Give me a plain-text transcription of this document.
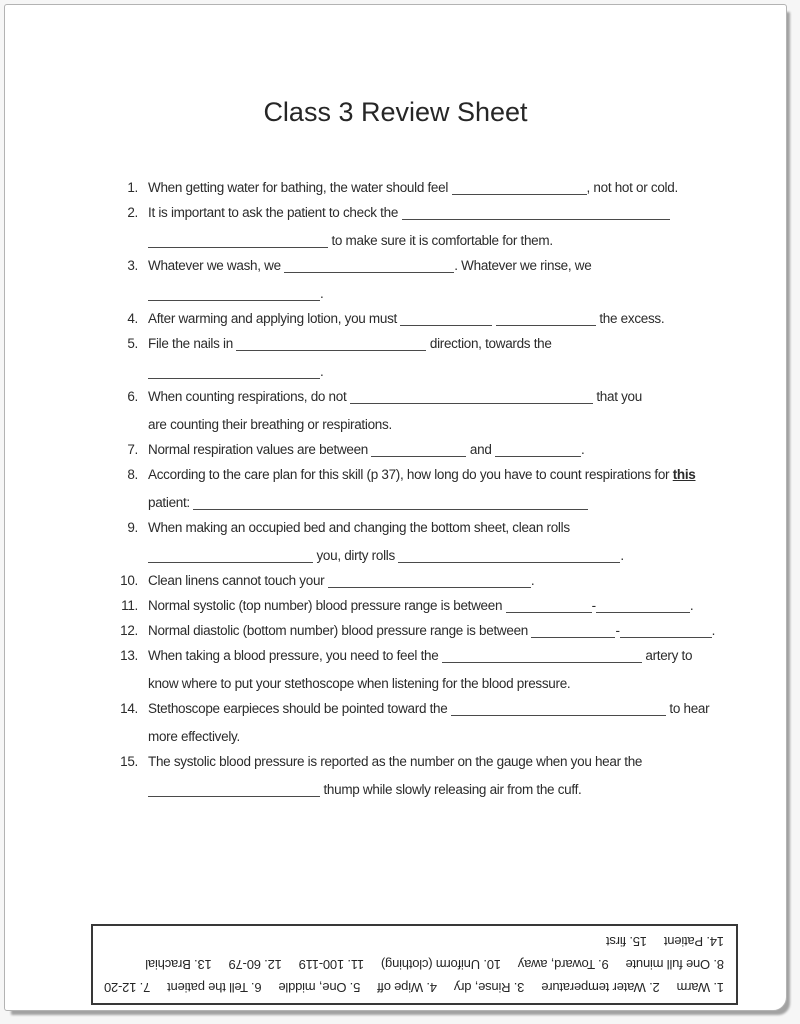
Class 3 Review Sheet
1. When getting water for bathing, the water should feel	, not hot or cold.
2. It is important to ask the patient to check the
to make sure it is comfortable for them.
3. Whatever we wash, we	. Whatever we rinse, we
.
4. After warming and applying lotion, you must	the excess.
5. File the nails in	direction, towards the
.
6. When counting respirations, do not	that you
are counting their breathing or respirations.
7. Normal respiration values are between	and	.
8. According to the care plan for this skill (p 37), how long do you have to count respirations for this
patient:
9. When making an occupied bed and changing the bottom sheet, clean rolls
you, dirty rolls	.
10. Clean linens cannot touch your	.
11. Normal systolic (top number) blood pressure range is between	-	.
12. Normal diastolic (bottom number) blood pressure range is between	-	.
13. When taking a blood pressure, you need to feel the	artery to
know where to put your stethoscope when listening for the blood pressure.
14. Stethoscope earpieces should be pointed toward the	to hear
more effectively.
15. The systolic blood pressure is reported as the number on the gauge when you hear the
thump while slowly releasing air from the cuff.
1. Warm
2. Water temperature
3. Rinse, dry
4. Wipe off
5. One, middle
6. Tell the patient
7. 12-20
8. One full minute
9. Toward, away
10. Uniform (clothing)
11. 100-119
12. 60-79
13. Brachial
14. Patient
15. first
